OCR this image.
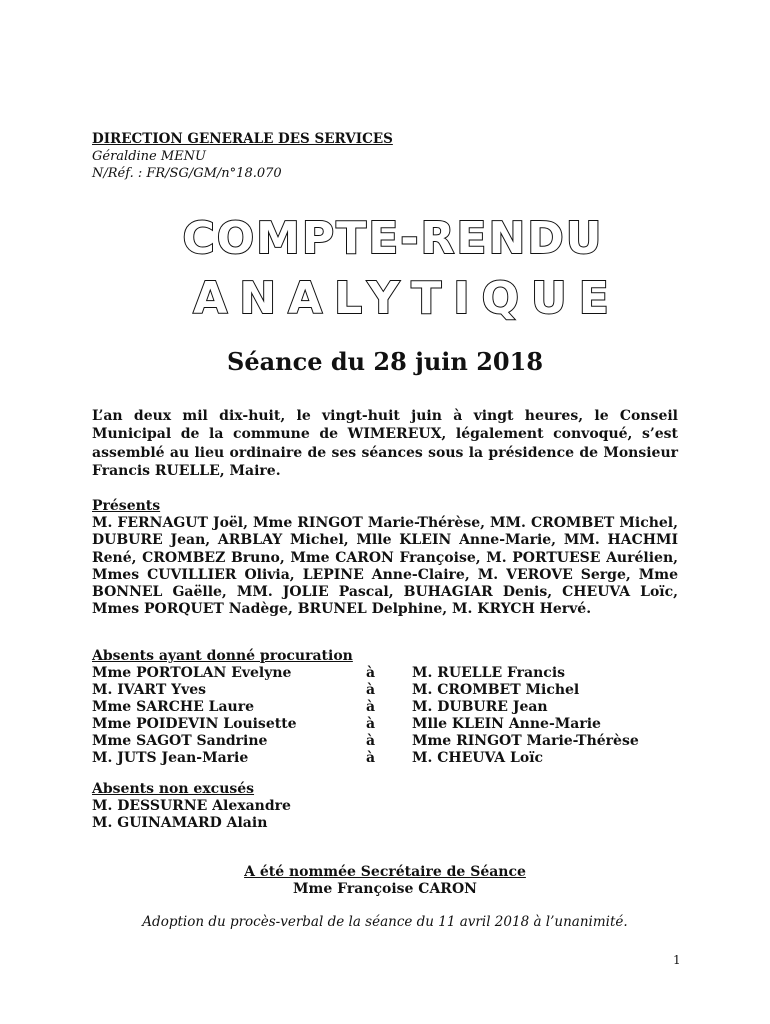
DIRECTION GENERALE DES SERVICES
Géraldine MENU
N/Réf. : FR/SG/GM/n°18.070
COMPTE-RENDU
ANALYTIQUE
Séance du 28 juin 2018
L’an deux mil dix-huit, le vingt-huit juin à vingt heures, le Conseil Municipal de la commune de WIMEREUX, légalement convoqué, s’est assemblé au lieu ordinaire de ses séances sous la présidence de Monsieur Francis RUELLE, Maire.
Présents
M. FERNAGUT Joël, Mme RINGOT Marie-Thérèse, MM. CROMBET Michel, DUBURE Jean, ARBLAY Michel, Mlle KLEIN Anne-Marie, MM. HACHMI René, CROMBEZ Bruno, Mme CARON Françoise, M. PORTUESE Aurélien, Mmes CUVILLIER Olivia, LEPINE Anne-Claire, M. VEROVE Serge, Mme BONNEL Gaëlle, MM. JOLIE Pascal, BUHAGIAR Denis, CHEUVA Loïc, Mmes PORQUET Nadège, BRUNEL Delphine, M. KRYCH Hervé.
Absents ayant donné procuration
Mme PORTOLAN Evelyne	à	M. RUELLE Francis
M. IVART Yves	à	M. CROMBET Michel
Mme SARCHE Laure	à	M. DUBURE Jean
Mme POIDEVIN Louisette	à	Mlle KLEIN Anne-Marie
Mme SAGOT Sandrine	à	Mme RINGOT Marie-Thérèse
M. JUTS Jean-Marie	à	M. CHEUVA Loïc
Absents non excusés
M. DESSURNE Alexandre
M. GUINAMARD Alain
A été nommée Secrétaire de Séance
Mme Françoise CARON
Adoption du procès-verbal de la séance du 11 avril 2018 à l’unanimité.
1
